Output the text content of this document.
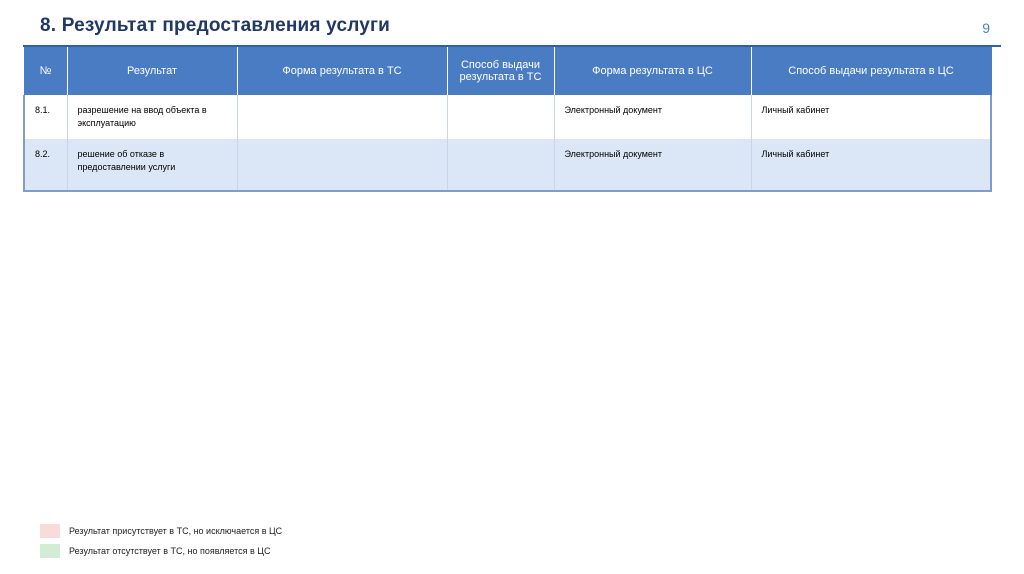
8. Результат предоставления услуги	9
№	Результат	Форма результата в ТС	Способ выдачи результата в ТС	Форма результата в ЦС	Способ выдачи результата в ЦС
8.1.	разрешение на ввод объекта в эксплуатацию			Электронный документ	Личный кабинет
8.2.	решение об отказе в предоставлении услуги			Электронный документ	Личный кабинет
Результат присутствует в ТС, но исключается в ЦС
Результат отсутствует в ТС, но появляется в ЦС
